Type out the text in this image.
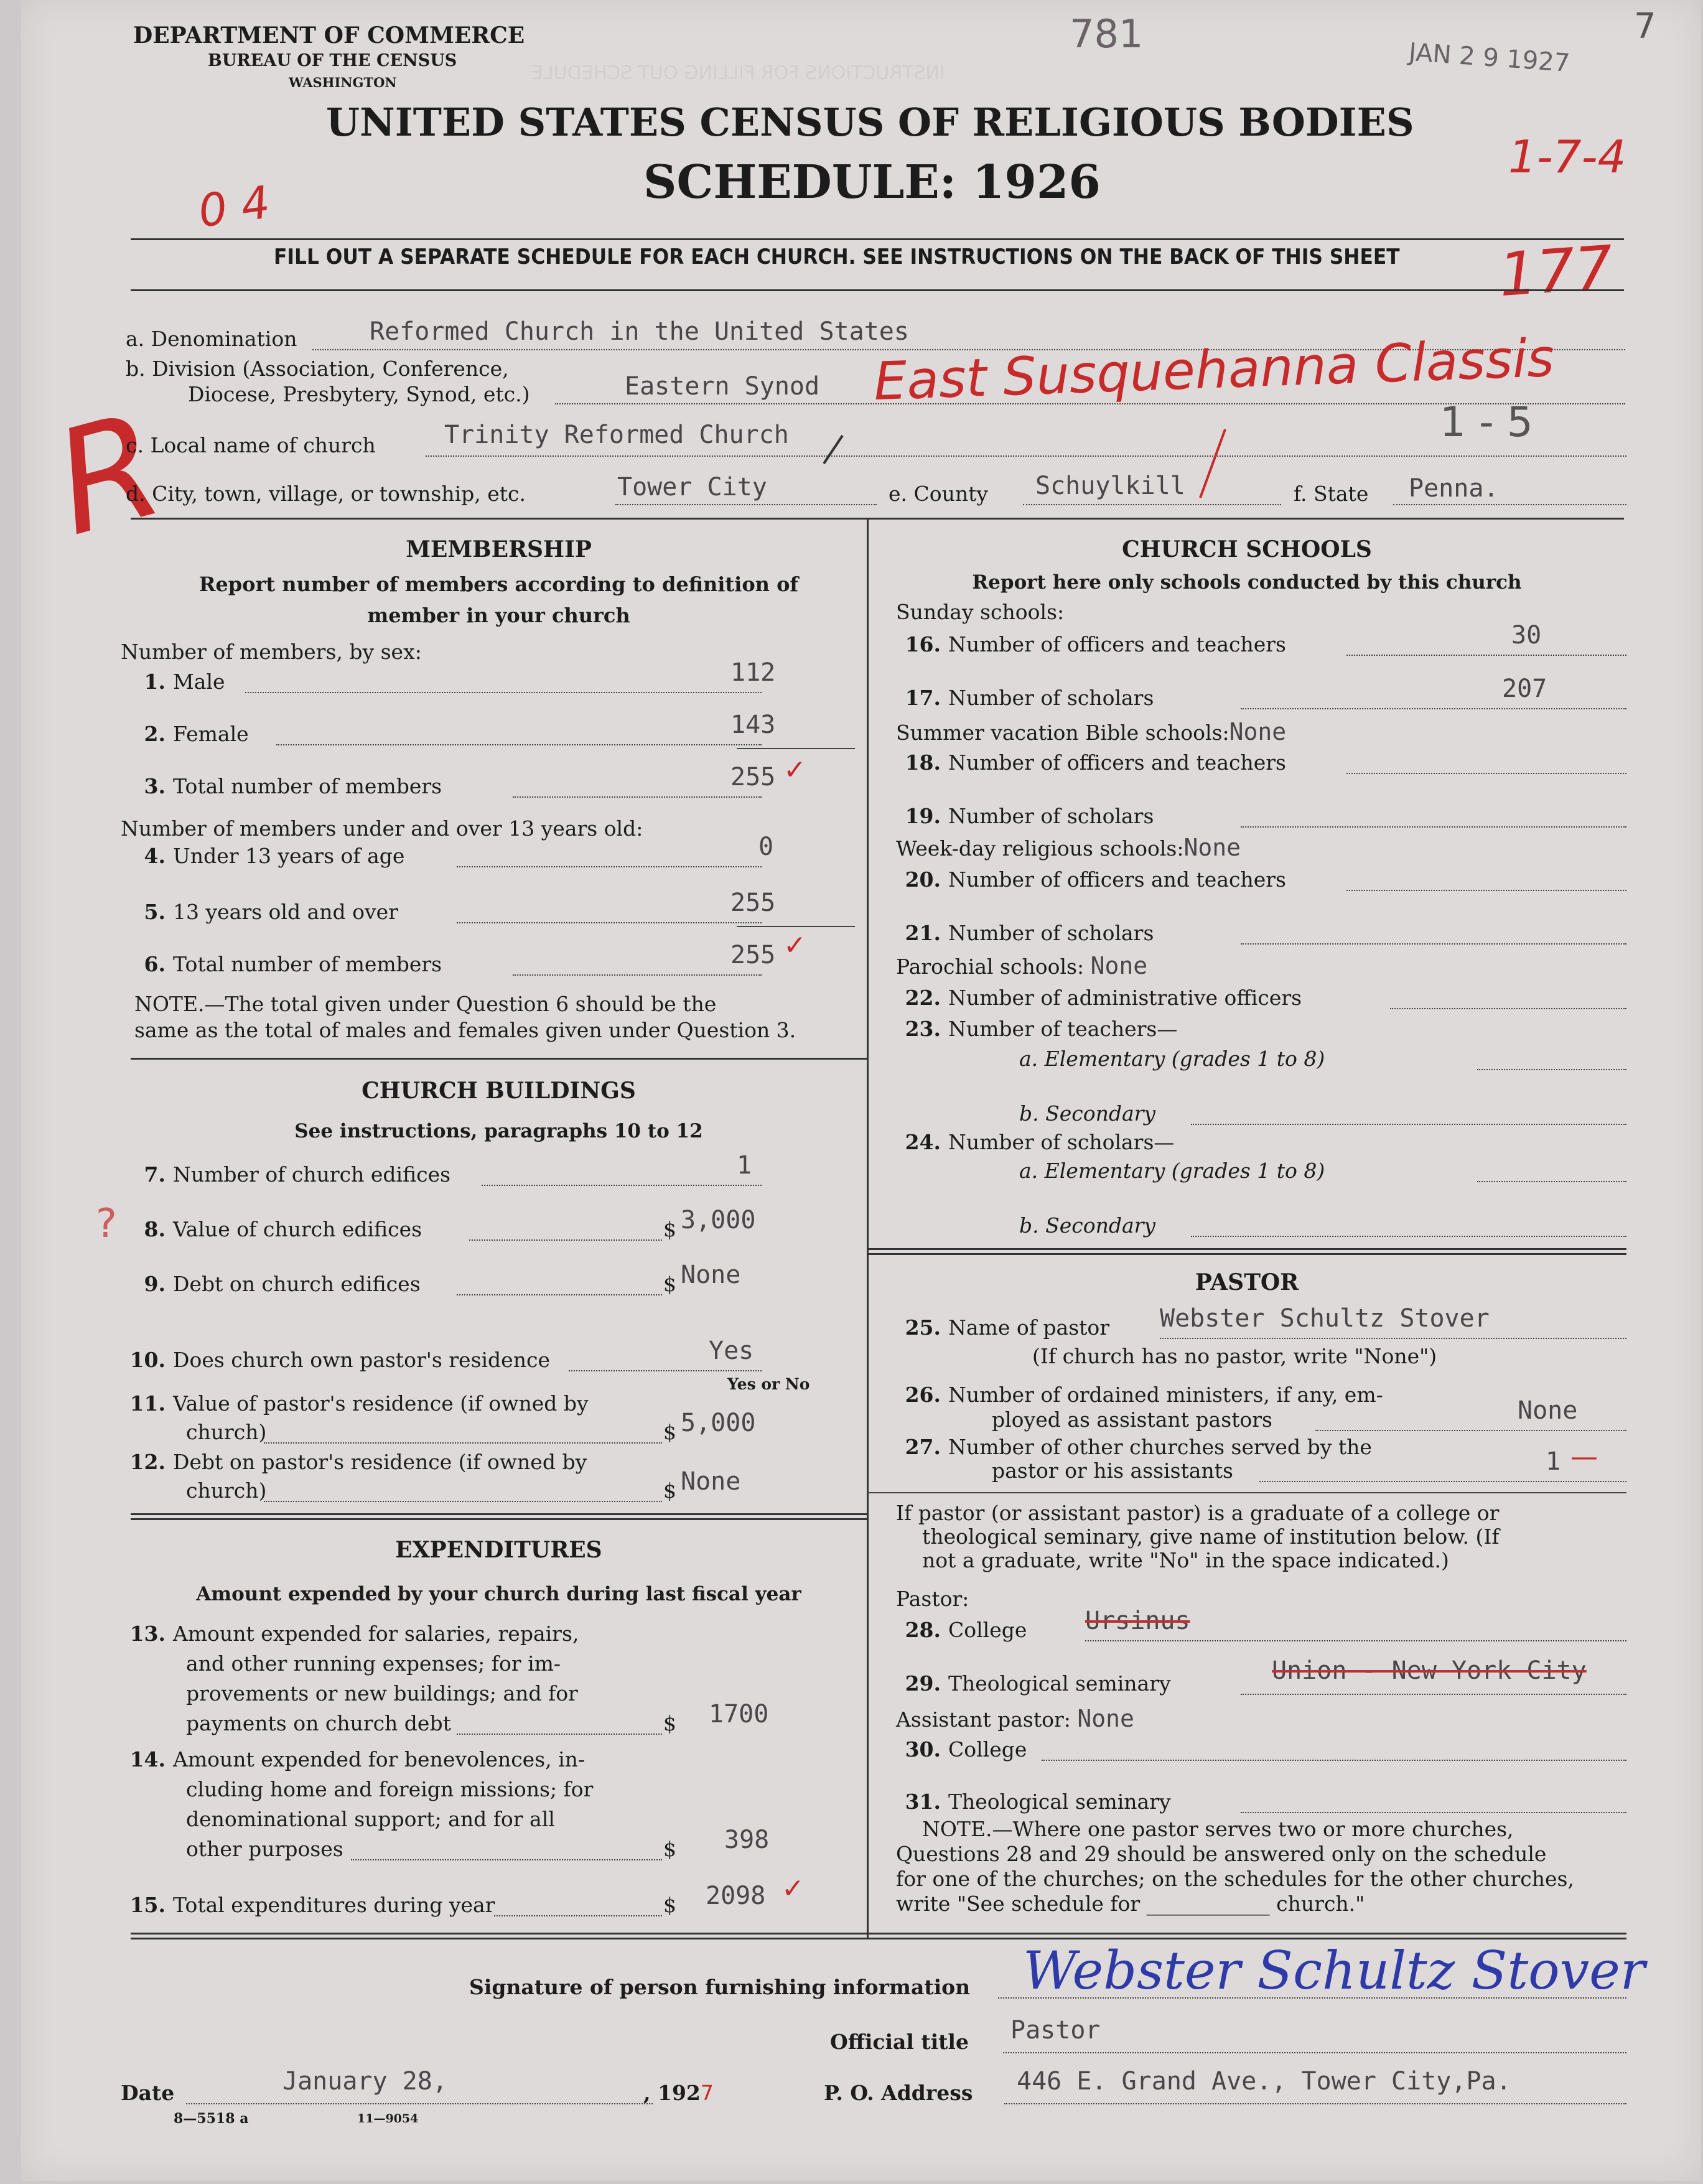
INSTRUCTIONS FOR FILLING OUT SCHEDULE
DEPARTMENT OF COMMERCE
BUREAU OF THE CENSUS
WASHINGTON
781
JAN 2 9 1927
7
UNITED STATES CENSUS OF RELIGIOUS BODIES
SCHEDULE: 1926
0 4
1-7-4
FILL OUT A SEPARATE SCHEDULE FOR EACH CHURCH. SEE INSTRUCTIONS ON THE BACK OF THIS SHEET 177
a. Denomination	Reformed Church in the United States
b. Division (Association, Conference,
Diocese, Presbytery, Synod, etc.)	Eastern Synod East Susquehanna Classis
R
c. Local name of church	Trinity Reformed Church	1 - 5
d. City, town, village, or township, etc.	Tower City	e. County Schuylkill	f. State Penna.
MEMBERSHIP
Report number of members according to definition of
member in your church
Number of members, by sex:
1. Male	112
2. Female	143
3. Total number of members	255 ✓
Number of members under and over 13 years old:
4. Under 13 years of age	0
5. 13 years old and over	255
6. Total number of members	255 ✓
NOTE.—The total given under Question 6 should be the
same as the total of males and females given under Question 3.
CHURCH BUILDINGS
See instructions, paragraphs 10 to 12
7. Number of church edifices	1
?	8. Value of church edifices	$ 3,000
9. Debt on church edifices	$ None
10. Does church own pastor's residence	Yes
Yes or No
11. Value of pastor's residence (if owned by
church)	$ 5,000
12. Debt on pastor's residence (if owned by
church)	$ None
EXPENDITURES
Amount expended by your church during last fiscal year
13. Amount expended for salaries, repairs,
and other running expenses; for im-
provements or new buildings; and for
payments on church debt	$ 1700
14. Amount expended for benevolences, in-
cluding home and foreign missions; for
denominational support; and for all
other purposes	$ 398
15. Total expenditures during year	$ 2098 ✓
CHURCH SCHOOLS
Report here only schools conducted by this church
Sunday schools:
16. Number of officers and teachers	30
17. Number of scholars	207
Summer vacation Bible schools:None
18. Number of officers and teachers
19. Number of scholars
Week-day religious schools:None
20. Number of officers and teachers
21. Number of scholars
Parochial schools: None
22. Number of administrative officers
23. Number of teachers—
a. Elementary (grades 1 to 8)
b. Secondary
24. Number of scholars—
a. Elementary (grades 1 to 8)
b. Secondary
PASTOR
25. Name of pastor Webster Schultz Stover
(If church has no pastor, write "None")
26. Number of ordained ministers, if any, em-
ployed as assistant pastors	None
27. Number of other churches served by the
pastor or his assistants	1 —
If pastor (or assistant pastor) is a graduate of a college or
theological seminary, give name of institution below. (If
not a graduate, write "No" in the space indicated.)
Pastor:
28. College Ursinus
29. Theological seminary	Union - New York City
Assistant pastor: None
30. College
31. Theological seminary
NOTE.—Where one pastor serves two or more churches,
Questions 28 and 29 should be answered only on the schedule
for one of the churches; on the schedules for the other churches,
write "See schedule for ____________ church."
Signature of person furnishing information Webster Schultz Stover
Official title Pastor
Date	January 28,	, 1927	P. O. Address 446 E. Grand Ave., Tower City,Pa.
8—5518 a	11—9054
